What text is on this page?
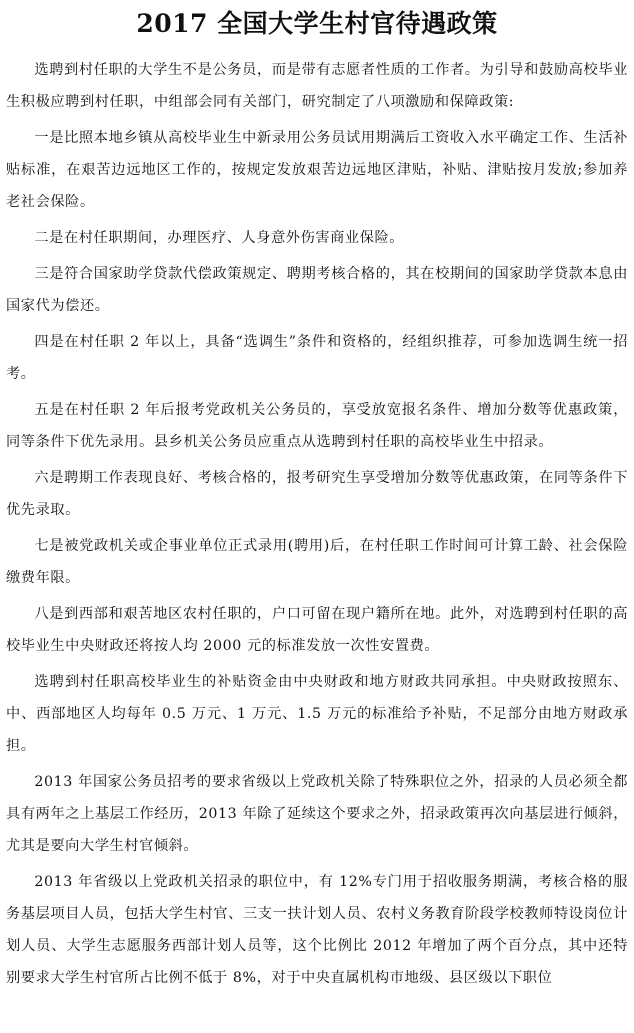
2017 全国大学生村官待遇政策

选聘到村任职的大学生不是公务员，而是带有志愿者性质的工作者。为引导和鼓励高校毕业生积极应聘到村任职，中组部会同有关部门，研究制定了八项激励和保障政策:

一是比照本地乡镇从高校毕业生中新录用公务员试用期满后工资收入水平确定工作、生活补贴标准，在艰苦边远地区工作的，按规定发放艰苦边远地区津贴，补贴、津贴按月发放;参加养老社会保险。

二是在村任职期间，办理医疗、人身意外伤害商业保险。

三是符合国家助学贷款代偿政策规定、聘期考核合格的，其在校期间的国家助学贷款本息由国家代为偿还。

四是在村任职 2 年以上，具备“选调生”条件和资格的，经组织推荐，可参加选调生统一招考。

五是在村任职 2 年后报考党政机关公务员的，享受放宽报名条件、增加分数等优惠政策，同等条件下优先录用。县乡机关公务员应重点从选聘到村任职的高校毕业生中招录。

六是聘期工作表现良好、考核合格的，报考研究生享受增加分数等优惠政策，在同等条件下优先录取。

七是被党政机关或企事业单位正式录用(聘用)后，在村任职工作时间可计算工龄、社会保险缴费年限。

八是到西部和艰苦地区农村任职的，户口可留在现户籍所在地。此外，对选聘到村任职的高校毕业生中央财政还将按人均 2000 元的标准发放一次性安置费。

选聘到村任职高校毕业生的补贴资金由中央财政和地方财政共同承担。中央财政按照东、中、西部地区人均每年 0.5 万元、1 万元、1.5 万元的标准给予补贴，不足部分由地方财政承担。

2013 年国家公务员招考的要求省级以上党政机关除了特殊职位之外，招录的人员必须全都具有两年之上基层工作经历，2013 年除了延续这个要求之外，招录政策再次向基层进行倾斜，尤其是要向大学生村官倾斜。

2013 年省级以上党政机关招录的职位中，有 12%专门用于招收服务期满，考核合格的服务基层项目人员，包括大学生村官、三支一扶计划人员、农村义务教育阶段学校教师特设岗位计划人员、大学生志愿服务西部计划人员等，这个比例比 2012 年增加了两个百分点，其中还特别要求大学生村官所占比例不低于 8%，对于中央直属机构市地级、县区级以下职位
